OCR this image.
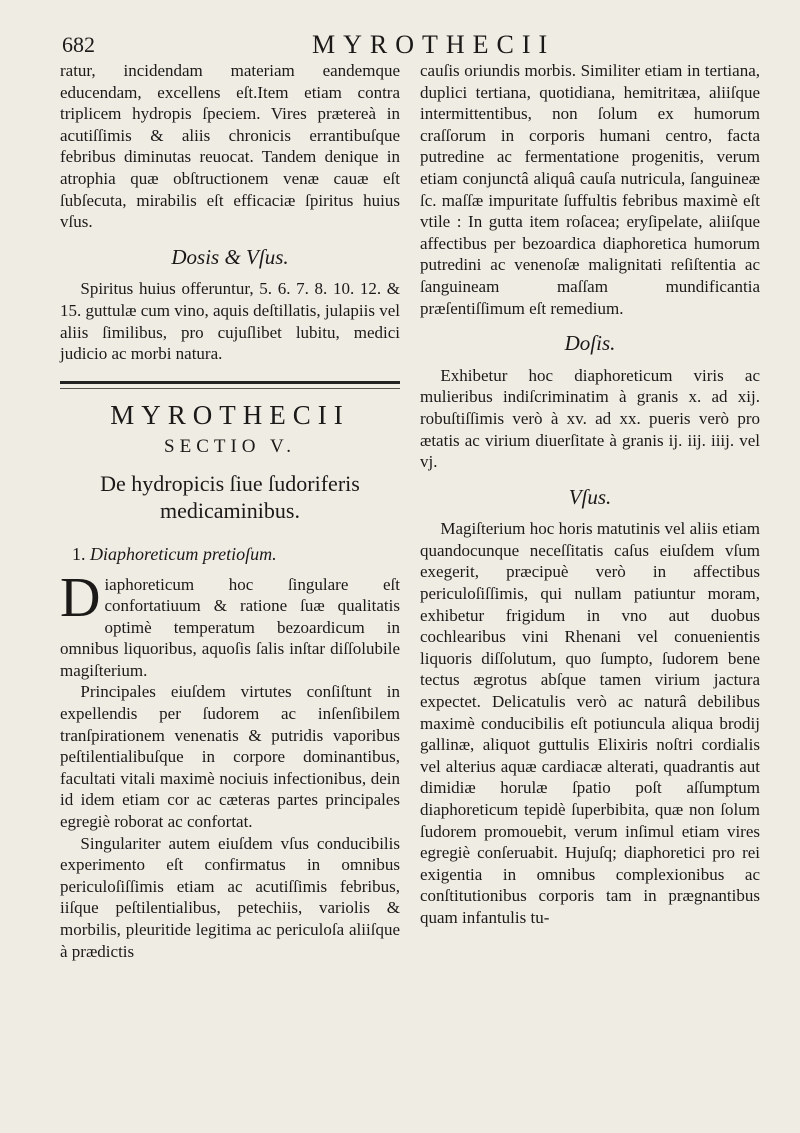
682	MYROTHECII

ratur, incidendam materiam eandemque educendam, excellens eſt.Item etiam contra triplicem hydropis ſpeciem. Vires prætereà in acutiſſimis & aliis chronicis errantibuſque febribus diminutas reuocat. Tandem denique in atrophia quæ obſtructionem venæ cauæ eſt ſubſecuta, mirabilis eſt efficaciæ ſpiritus huius vſus.

Dosis & Vſus.

Spiritus huius offeruntur, 5. 6. 7. 8. 10. 12. & 15. guttulæ cum vino, aquis deſtillatis, julapiis vel aliis ſimilibus, pro cujuſlibet lubitu, medici judicio ac morbi natura.

MYROTHECII
SECTIO V.
De hydropicis ſiue ſudoriferis medicaminibus.
1. Diaphoreticum pretioſum.

Diaphoreticum hoc ſingulare eſt confortatiuum & ratione ſuæ qualitatis optimè temperatum bezoardicum in omnibus liquoribus, aquoſis ſalis inſtar diſſolubile magiſterium.

Principales eiuſdem virtutes conſiſtunt in expellendis per ſudorem ac inſenſibilem tranſpirationem venenatis & putridis vaporibus peſtilentialibuſque in corpore dominantibus, facultati vitali maximè nociuis infectionibus, dein id idem etiam cor ac cæteras partes principales egregiè roborat ac confortat.

Singulariter autem eiuſdem vſus conducibilis experimento eſt confirmatus in omnibus periculoſiſſimis etiam ac acutiſſimis febribus, iiſque peſtilentialibus, petechiis, variolis & morbilis, pleuritide legitima ac periculoſa aliiſque à prædictis

cauſis oriundis morbis. Similiter etiam in tertiana, duplici tertiana, quotidiana, hemitritæa, aliiſque intermittentibus, non ſolum ex humorum craſſorum in corporis humani centro, facta putredine ac fermentatione progenitis, verum etiam conjunctâ aliquâ cauſa nutricula, ſanguineæ ſc. maſſæ impuritate ſuffultis febribus maximè eſt vtile : In gutta item roſacea; eryſipelate, aliiſque affectibus per bezoardica diaphoretica humorum putredini ac venenoſæ malignitati reſiſtentia ac ſanguineam maſſam mundificantia præſentiſſimum eſt remedium.

Doſis.

Exhibetur hoc diaphoreticum viris ac mulieribus indiſcriminatim à granis x. ad xij. robuſtiſſimis verò à xv. ad xx. pueris verò pro ætatis ac virium diuerſitate à granis ij. iij. iiij. vel vj.

Vſus.

Magiſterium hoc horis matutinis vel aliis etiam quandocunque neceſſitatis caſus eiuſdem vſum exegerit, præcipuè verò in affectibus periculoſiſſimis, qui nullam patiuntur moram, exhibetur frigidum in vno aut duobus cochlearibus vini Rhenani vel conuenientis liquoris diſſolutum, quo ſumpto, ſudorem bene tectus ægrotus abſque tamen virium jactura expectet. Delicatulis verò ac naturâ debilibus maximè conducibilis eſt potiuncula aliqua brodij gallinæ, aliquot guttulis Elixiris noſtri cordialis vel alterius aquæ cardiacæ alterati, quadrantis aut dimidiæ horulæ ſpatio poſt aſſumptum diaphoreticum tepidè ſuperbibita, quæ non ſolum ſudorem promouebit, verum inſimul etiam vires egregiè conſeruabit. Hujuſq; diaphoretici pro rei exigentia in omnibus complexionibus ac conſtitutionibus corporis tam in prægnantibus quam infantulis tu-
